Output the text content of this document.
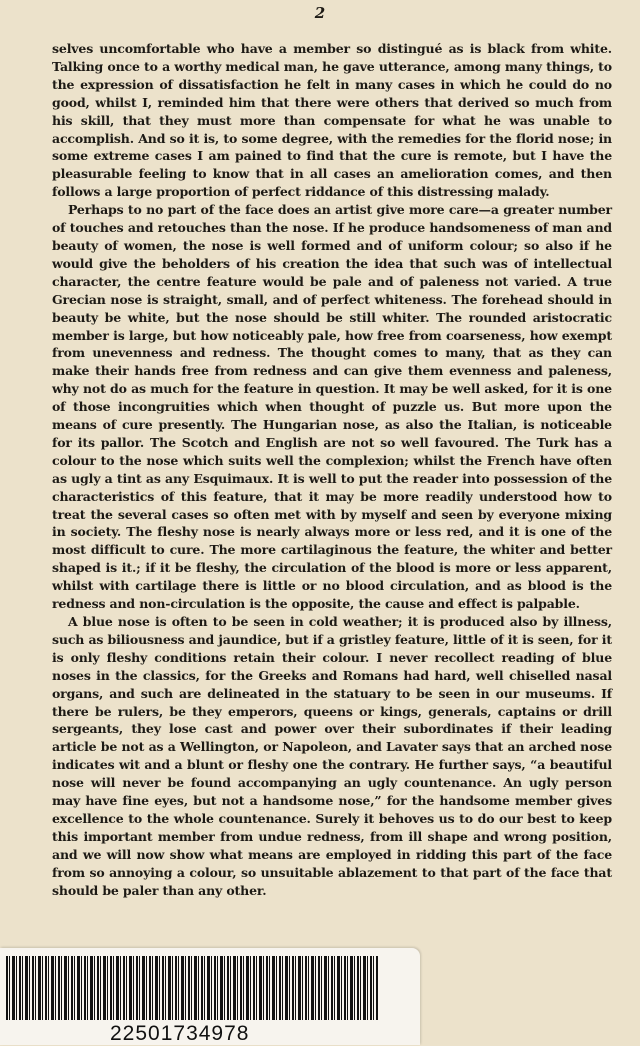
2

selves uncomfortable who have a member so distingué as is black from white. Talking once to a worthy medical man, he gave utterance, among many things, to the expression of dissatisfaction he felt in many cases in which he could do no good, whilst I, reminded him that there were others that derived so much from his skill, that they must more than compensate for what he was unable to accomplish. And so it is, to some degree, with the remedies for the florid nose; in some extreme cases I am pained to find that the cure is remote, but I have the pleasurable feeling to know that in all cases an amelioration comes, and then follows a large proportion of perfect riddance of this distressing malady.

Perhaps to no part of the face does an artist give more care—a greater number of touches and retouches than the nose. If he produce handsomeness of man and beauty of women, the nose is well formed and of uniform colour; so also if he would give the beholders of his creation the idea that such was of intellectual character, the centre feature would be pale and of paleness not varied. A true Grecian nose is straight, small, and of perfect whiteness. The forehead should in beauty be white, but the nose should be still whiter. The rounded aristocratic member is large, but how noticeably pale, how free from coarseness, how exempt from unevenness and redness. The thought comes to many, that as they can make their hands free from redness and can give them evenness and paleness, why not do as much for the feature in question. It may be well asked, for it is one of those incongruities which when thought of puzzle us. But more upon the means of cure presently. The Hungarian nose, as also the Italian, is noticeable for its pallor. The Scotch and English are not so well favoured. The Turk has a colour to the nose which suits well the complexion; whilst the French have often as ugly a tint as any Esquimaux. It is well to put the reader into possession of the characteristics of this feature, that it may be more readily understood how to treat the several cases so often met with by myself and seen by everyone mixing in society. The fleshy nose is nearly always more or less red, and it is one of the most difficult to cure. The more cartilaginous the feature, the whiter and better shaped is it.; if it be fleshy, the circulation of the blood is more or less apparent, whilst with cartilage there is little or no blood circulation, and as blood is the redness and non-circulation is the opposite, the cause and effect is palpable.

A blue nose is often to be seen in cold weather; it is produced also by illness, such as biliousness and jaundice, but if a gristley feature, little of it is seen, for it is only fleshy conditions retain their colour. I never recollect reading of blue noses in the classics, for the Greeks and Romans had hard, well chiselled nasal organs, and such are delineated in the statuary to be seen in our museums. If there be rulers, be they emperors, queens or kings, generals, captains or drill sergeants, they lose cast and power over their subordinates if their leading article be not as a Wellington, or Napoleon, and Lavater says that an arched nose indicates wit and a blunt or fleshy one the contrary. He further says, “a beautiful nose will never be found accompanying an ugly countenance. An ugly person may have fine eyes, but not a handsome nose,” for the handsome member gives excellence to the whole countenance. Surely it behoves us to do our best to keep this important member from undue redness, from ill shape and wrong position, and we will now show what means are employed in ridding this part of the face from so annoying a colour, so unsuitable ablazement to that part of the face that should be paler than any other.

22501734978
